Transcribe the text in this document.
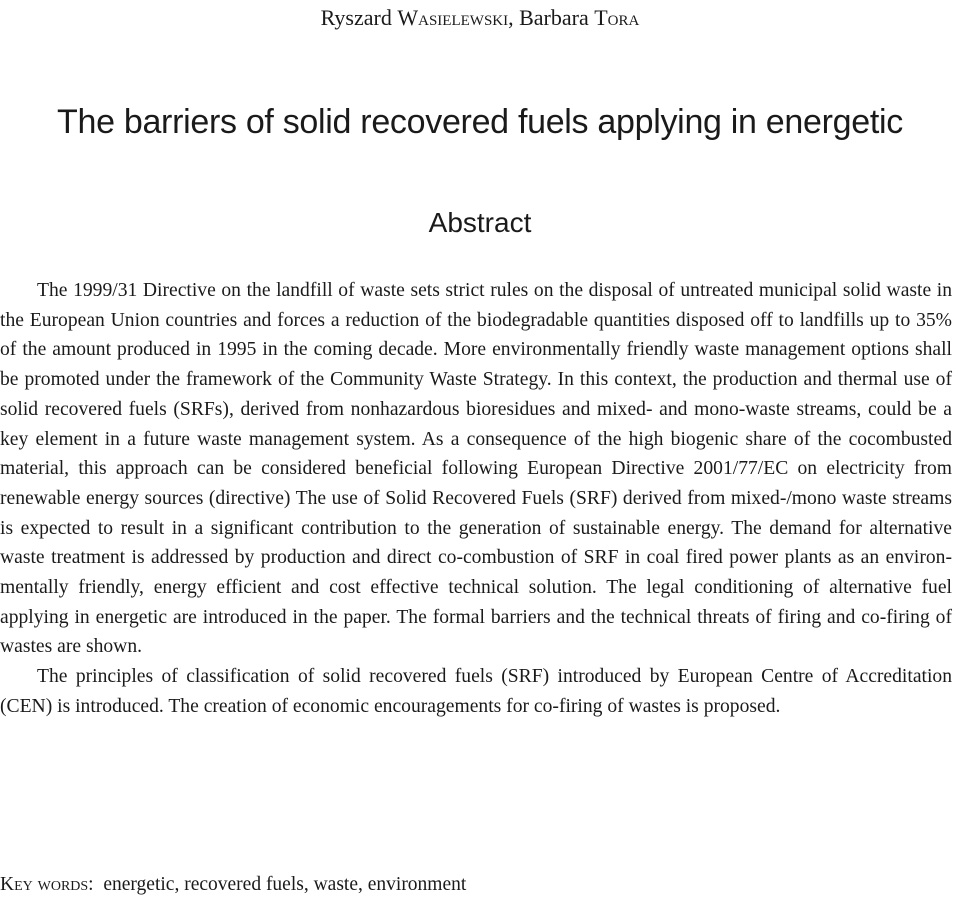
Ryszard Wasielewski, Barbara Tora
The barriers of solid recovered fuels applying in energetic
Abstract

The 1999/31 Directive on the landfill of waste sets strict rules on the disposal of untreated municipal solid waste in the European Union countries and forces a reduction of the biodegradable quantities disposed off to landfills up to 35% of the amount produced in 1995 in the coming decade. More environmentally friendly waste management options shall be promoted under the framework of the Community Waste Strategy. In this context, the production and thermal use of solid recovered fuels (SRFs), derived from nonhazardous bioresidues and mixed- and mono-waste streams, could be a key element in a future waste management system. As a consequence of the high biogenic share of the cocombusted material, this approach can be considered beneficial following European Directive 2001/77/EC on electricity from renewable energy sources (directive) The use of Solid Recovered Fuels (SRF) derived from mixed-/mono waste streams is expected to result in a significant contribution to the generation of sustainable energy. The demand for alternative waste treatment is addressed by production and direct co-combustion of SRF in coal fired power plants as an environmentally friendly, energy efficient and cost effective technical solution. The legal conditioning of alternative fuel applying in energetic are introduced in the paper. The formal barriers and the technical threats of firing and co-firing of wastes are shown.

The principles of classification of solid recovered fuels (SRF) introduced by European Centre of Accreditation (CEN) is introduced. The creation of economic encouragements for co-firing of wastes is proposed.

Key words: energetic, recovered fuels, waste, environment
